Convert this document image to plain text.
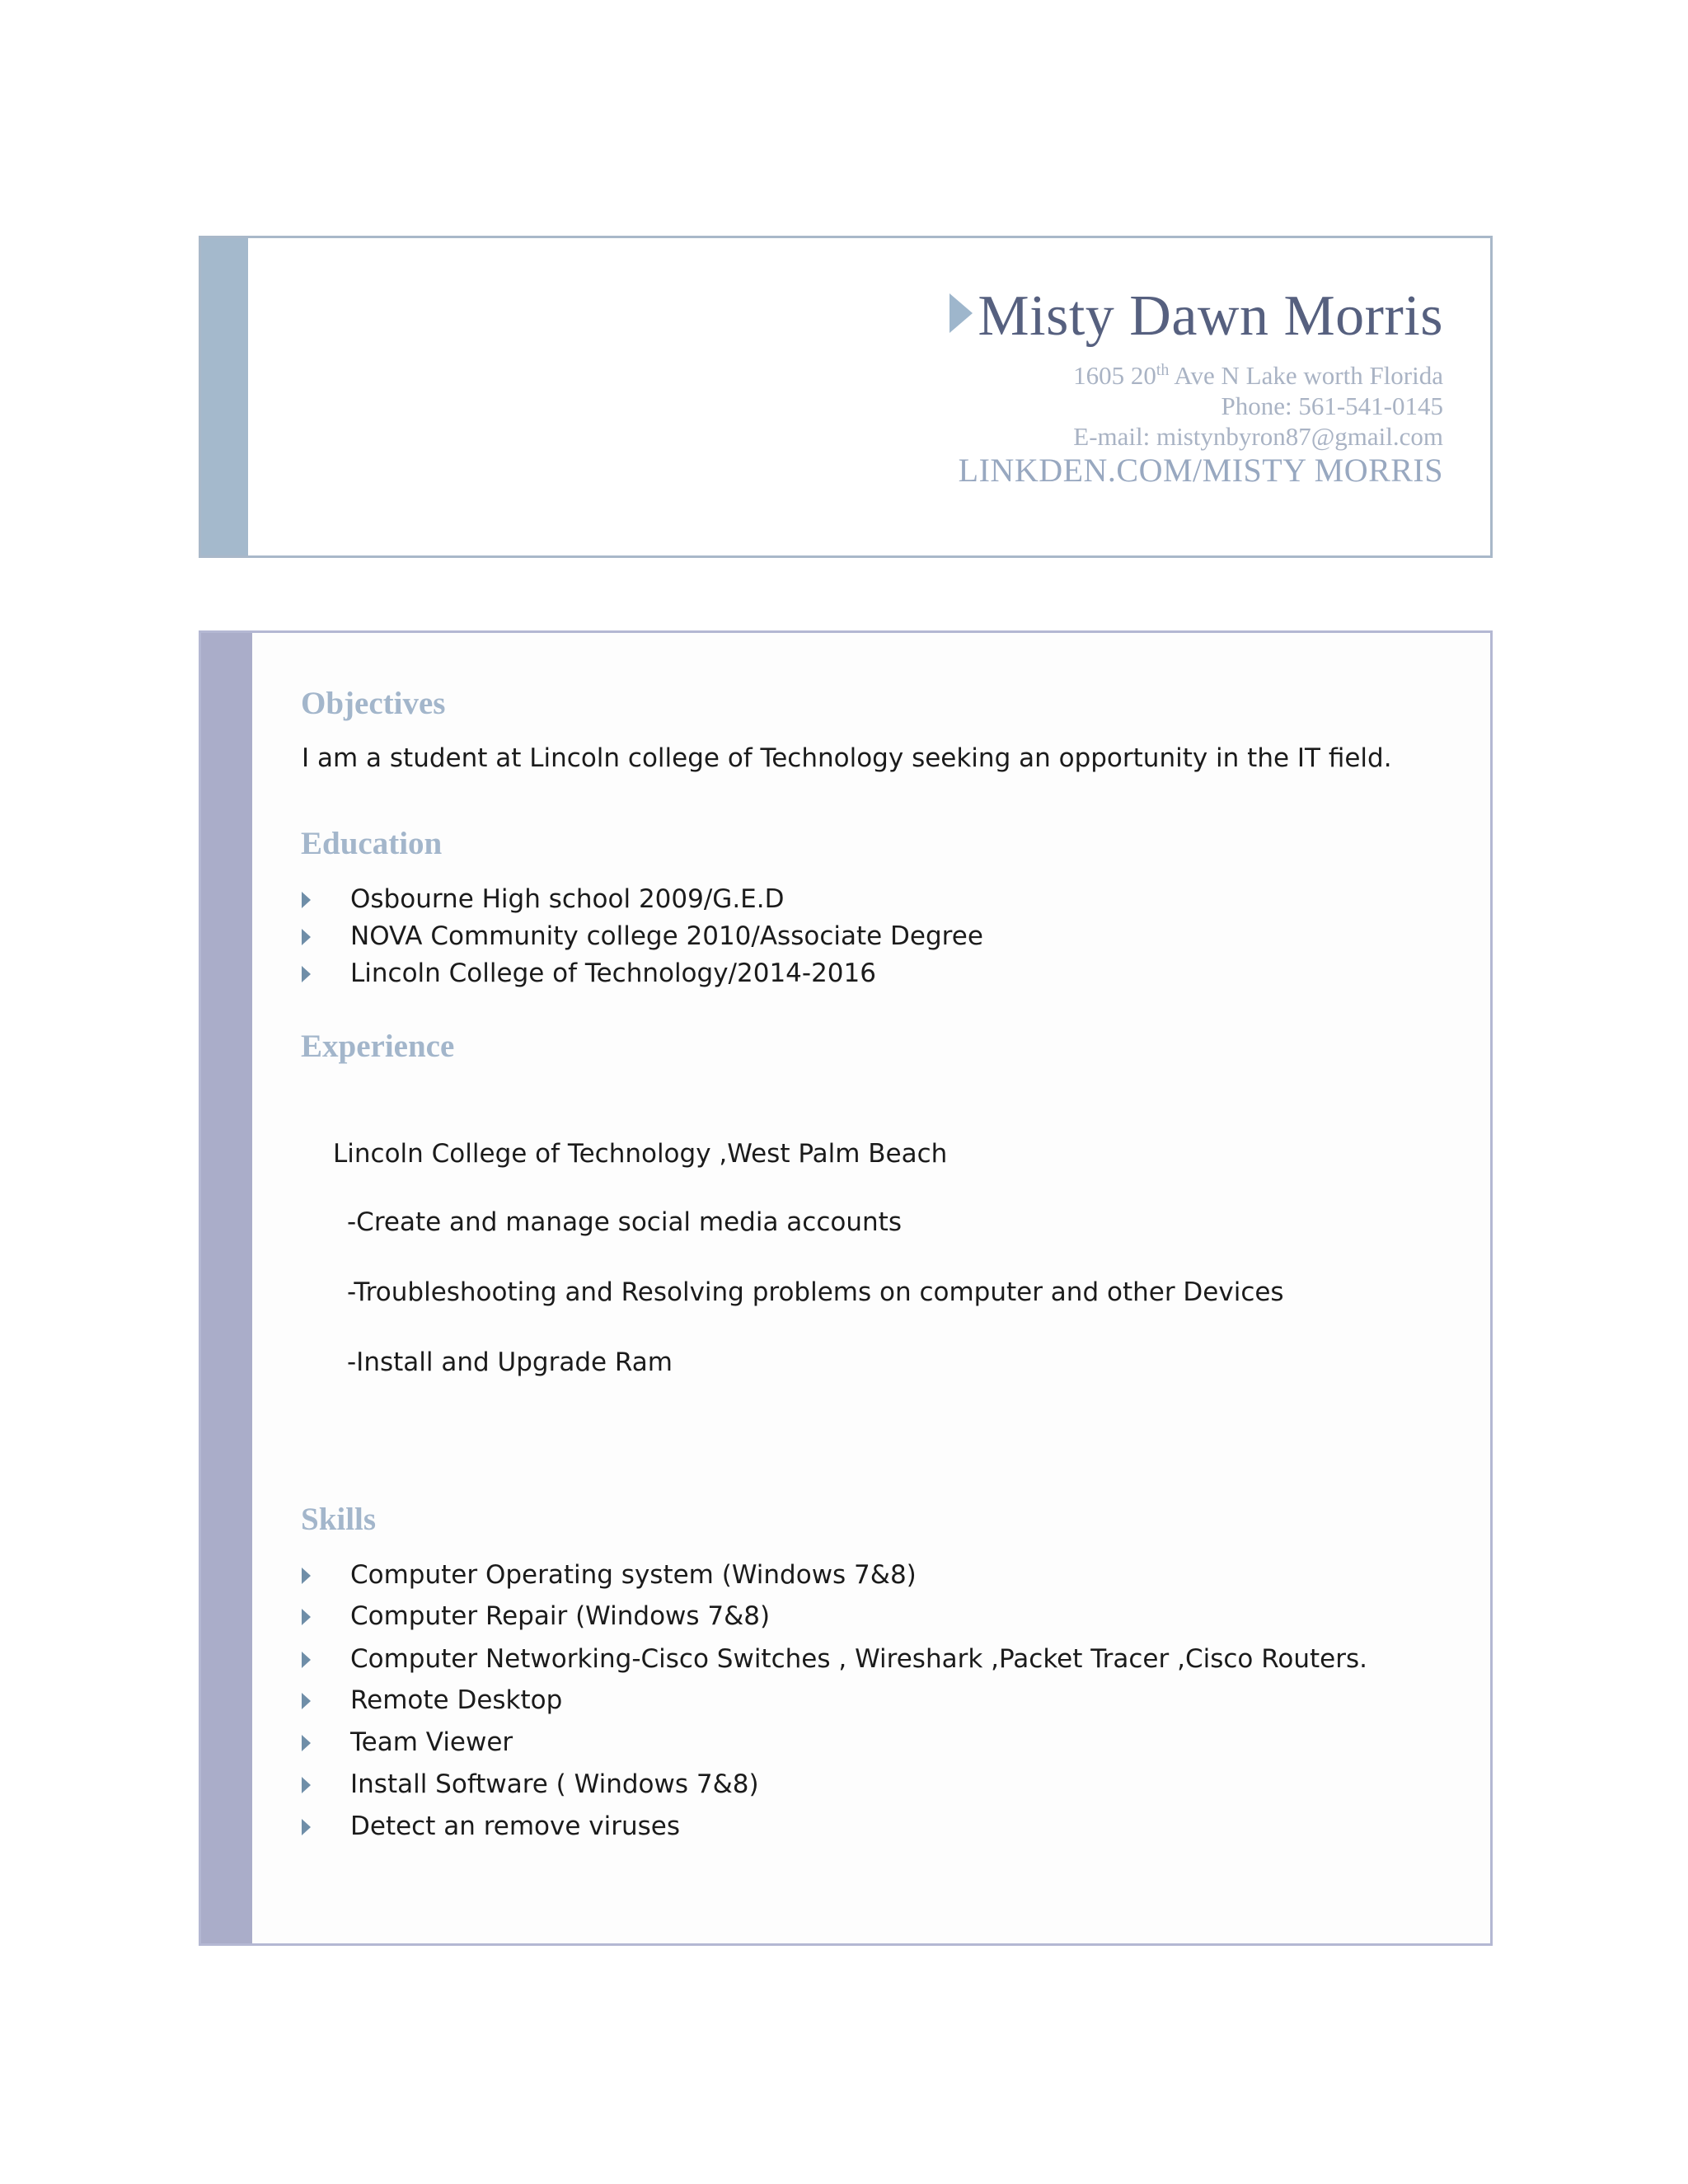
Misty Dawn Morris
1605 20th Ave N Lake worth Florida
Phone: 561-541-0145
E-mail: mistynbyron87@gmail.com
LINKDEN.COM/MISTY MORRIS
Objectives
I am a student at Lincoln college of Technology seeking an opportunity in the IT field.
Education
Osbourne High school 2009/G.E.D
NOVA Community college 2010/Associate Degree
Lincoln College of Technology/2014-2016
Experience
Lincoln College of Technology ,West Palm Beach
-Create and manage social media accounts
-Troubleshooting and Resolving problems on computer and other Devices
-Install and Upgrade Ram
Skills
Computer Operating system (Windows 7&8)
Computer Repair (Windows 7&8)
Computer Networking-Cisco Switches , Wireshark ,Packet Tracer ,Cisco Routers.
Remote Desktop
Team Viewer
Install Software ( Windows 7&8)
Detect an remove viruses
